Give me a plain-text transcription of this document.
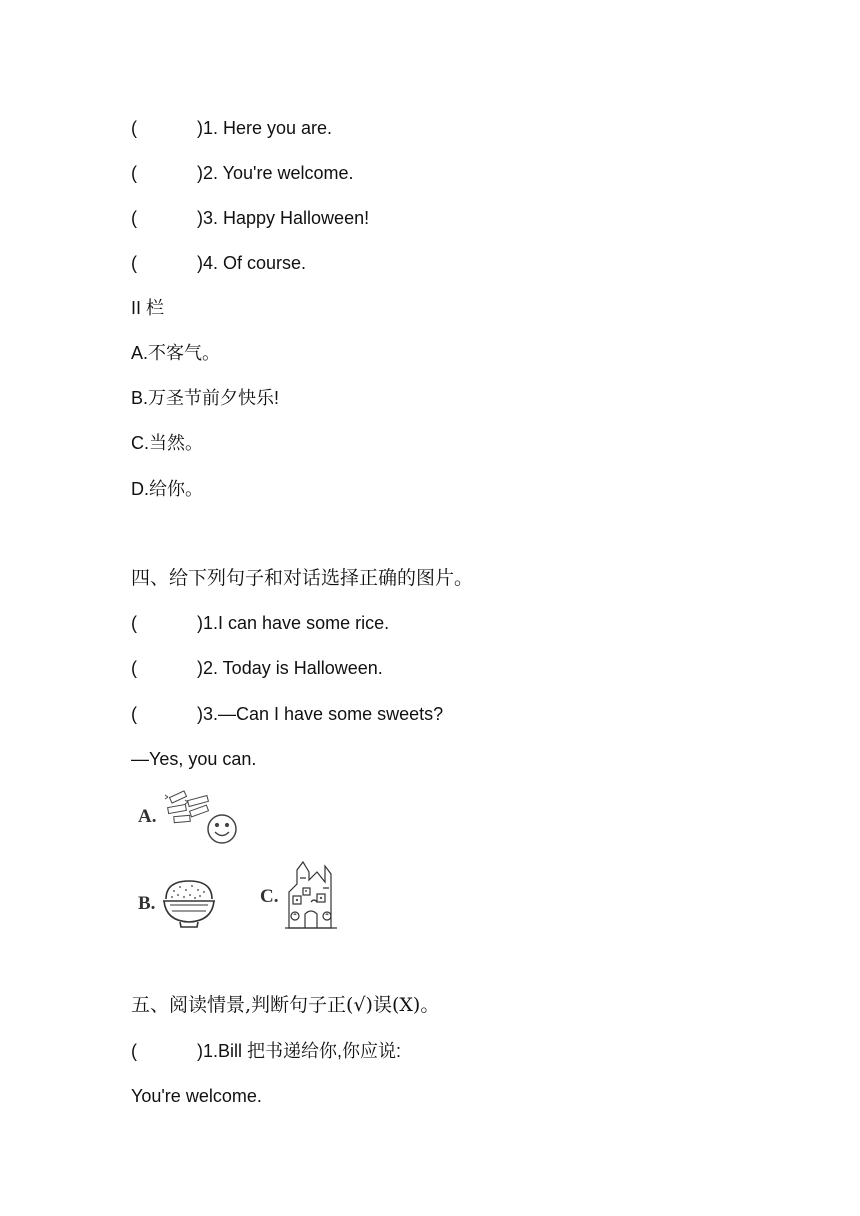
(	)1. Here you are.
(	)2. You're welcome.
(	)3. Happy Halloween!
(	)4. Of course.
II 栏
A.不客气。
B.万圣节前夕快乐!
C.当然。
D.给你。
四、给下列句子和对话选择正确的图片。
(	)1.I can have some rice.
(	)2. Today is Halloween.
(	)3.—Can I have some sweets?
—Yes, you can.
A.
B.	C.
五、阅读情景,判断句子正(√)误(X)。
(	)1.Bill 把书递给你,你应说:
You're welcome.
